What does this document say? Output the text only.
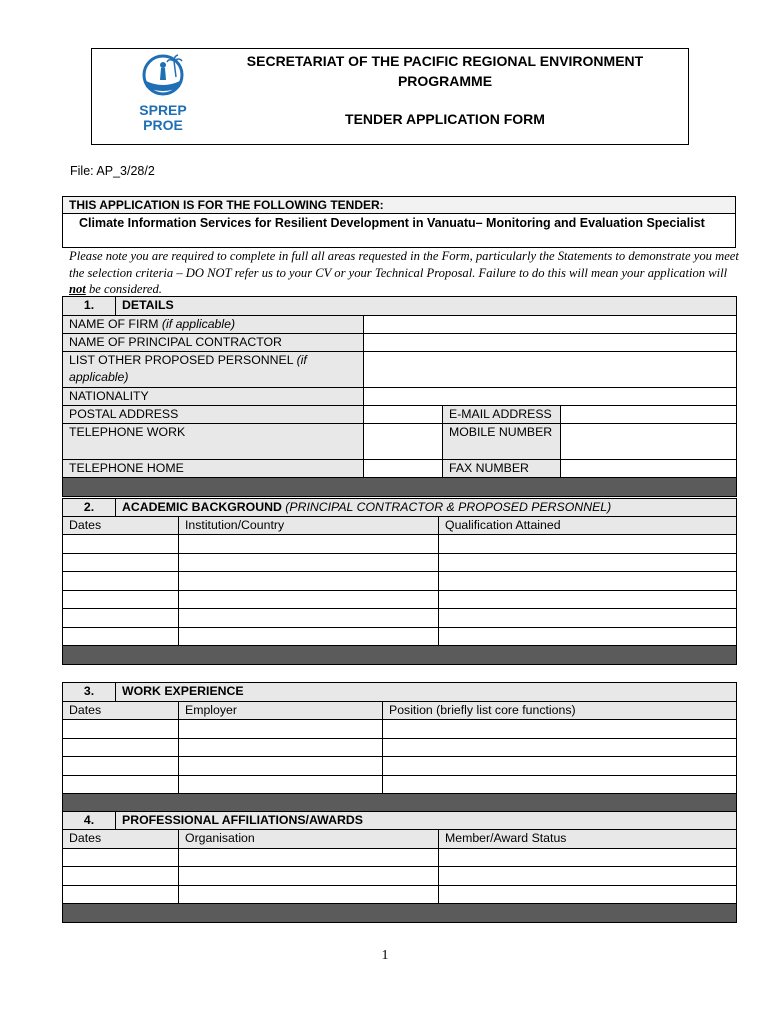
SPREP
PROE
SECRETARIAT OF THE PACIFIC REGIONAL ENVIRONMENT
PROGRAMME
TENDER APPLICATION FORM
File: AP_3/28/2
THIS APPLICATION IS FOR THE FOLLOWING TENDER:
Climate Information Services for Resilient Development in Vanuatu– Monitoring and Evaluation Specialist
Please note you are required to complete in full all areas requested in the Form, particularly the Statements to demonstrate you meet the selection criteria – DO NOT refer us to your CV or your Technical Proposal. Failure to do this will mean your application will not be considered.
1.	DETAILS			
NAME OF FIRM (if applicable)				
NAME OF PRINCIPAL CONTRACTOR				
LIST OTHER PROPOSED PERSONNEL (if applicable)				
NATIONALITY				
POSTAL ADDRESS			E-MAIL ADDRESS	
TELEPHONE WORK			MOBILE NUMBER	
TELEPHONE HOME			FAX NUMBER	

2.	ACADEMIC BACKGROUND (PRINCIPAL CONTRACTOR & PROPOSED PERSONNEL)		
Dates		Institution/Country	Qualification Attained

3.	WORK EXPERIENCE		
Dates		Employer	Position (briefly list core functions)

4.	PROFESSIONAL AFFILIATIONS/AWARDS		
Dates		Organisation	Member/Award Status

1
